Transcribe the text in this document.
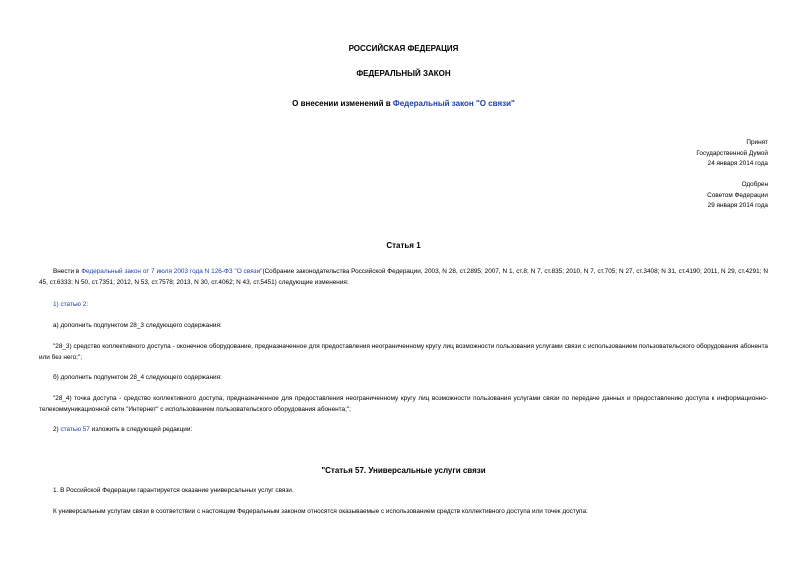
РОССИЙСКАЯ ФЕДЕРАЦИЯ
ФЕДЕРАЛЬНЫЙ ЗАКОН
О внесении изменений в Федеральный закон "О связи"
Принят
Государственной Думой
24 января 2014 года
Одобрен
Советом Федерации
29 января 2014 года
Статья 1
Внести в Федеральный закон от 7 июля 2003 года N 126-ФЗ "О связи"(Собрание законодательства Российской Федерации, 2003, N 28, ст.2895; 2007, N 1, ст.8; N 7, ст.835; 2010, N 7, ст.705; N 27, ст.3408; N 31, ст.4190; 2011, N 29, ст.4291; N 45, ст.6333; N 50, ст.7351; 2012, N 53, ст.7578; 2013, N 30, ст.4062; N 43, ст.5451) следующие изменения:
1) статью 2:
а) дополнить подпунктом 28_3 следующего содержания:
"28_3) средство коллективного доступа - оконечное оборудование, предназначенное для предоставления неограниченному кругу лиц возможности пользования услугами связи с использованием пользовательского оборудования абонента или без него;";
б) дополнить подпунктом 28_4 следующего содержания:
"28_4) точка доступа - средство коллективного доступа, предназначенное для предоставления неограниченному кругу лиц возможности пользования услугами связи по передаче данных и предоставлению доступа к информационно-телекоммуникационной сети "Интернет" с использованием пользовательского оборудования абонента;";
2) статью 57 изложить в следующей редакции:
"Статья 57. Универсальные услуги связи
1. В Российской Федерации гарантируется оказание универсальных услуг связи.
К универсальным услугам связи в соответствии с настоящим Федеральным законом относятся оказываемые с использованием средств коллективного доступа или точек доступа:
